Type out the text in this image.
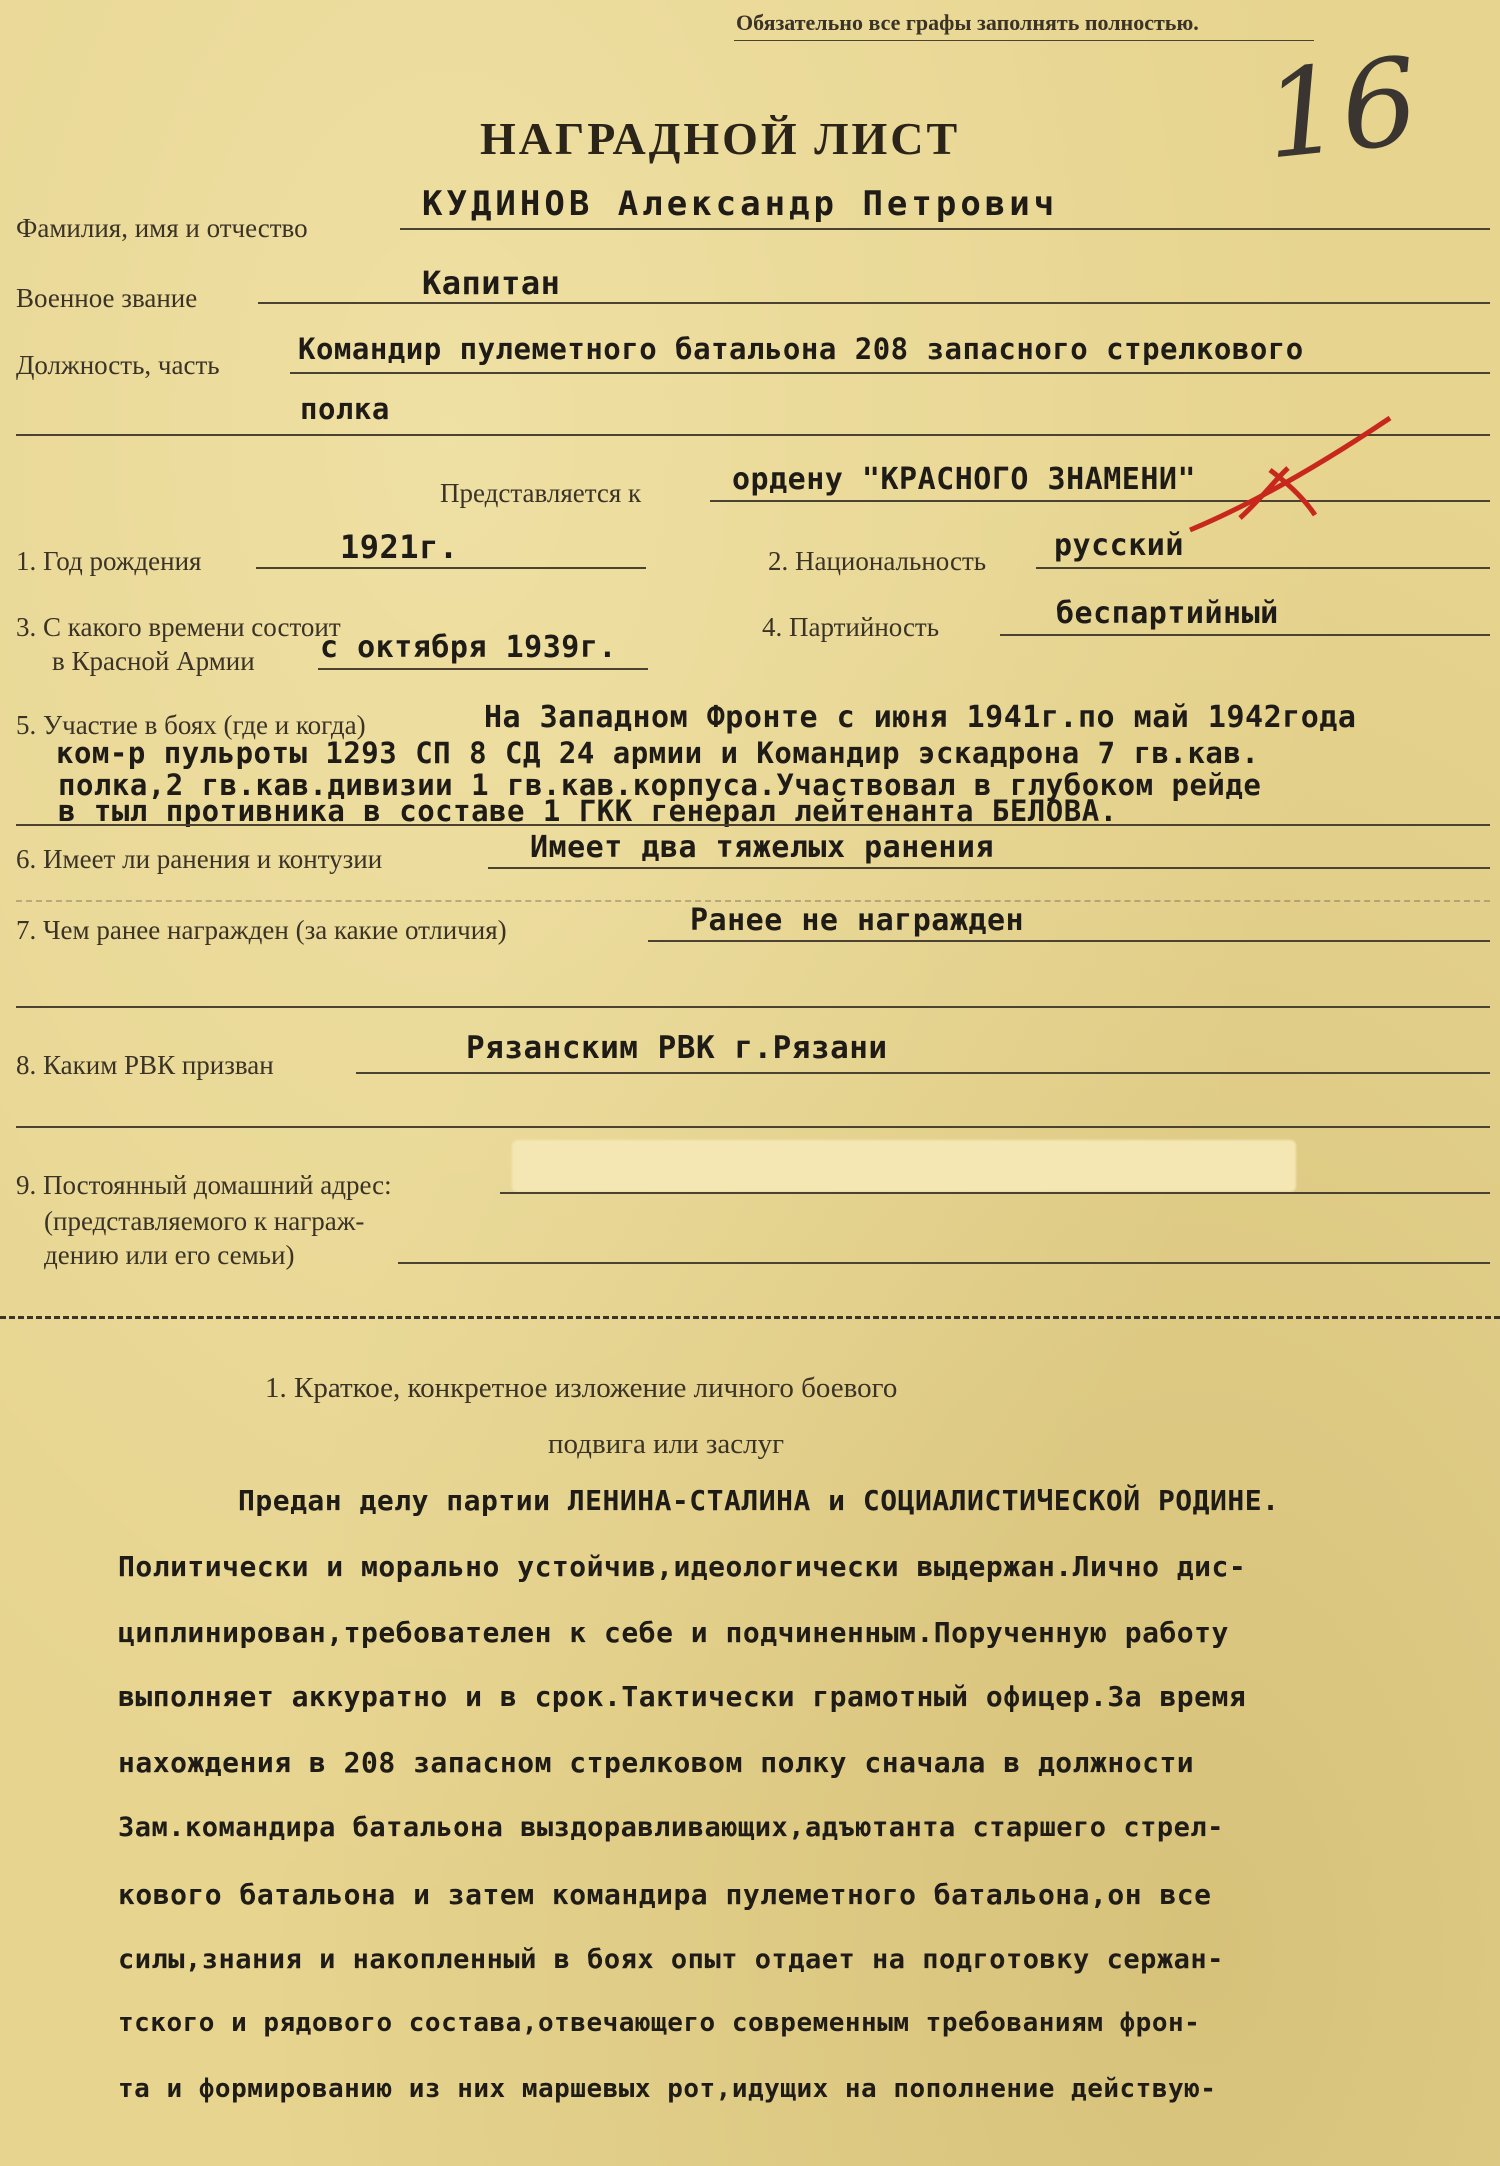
Обязательно все графы заполнять полностью.
16
НАГРАДНОЙ ЛИСТ
Фамилия, имя и отчество
КУДИНОВ Александр Петрович
Военное звание	Капитан
Должность, часть	Командир пулеметного батальона 208 запасного стрелкового
полка
Представляется к	ордену "КРАСНОГО ЗНАМЕНИ"
1. Год рождения	1921г.	2. Национальность русский
3. С какого времени состоит
в Красной Армии с октября 1939г.
4. Партийность	беспартийный
5. Участие в боях (где и когда)	На Западном Фронте с июня 1941г.по май 1942года
ком-р пульроты 1293 СП 8 СД 24 армии и Командир эскадрона 7 гв.кав.
полка,2 гв.кав.дивизии 1 гв.кав.корпуса.Участвовал в глубоком рейде
в тыл противника в составе 1 ГКК генерал лейтенанта БЕЛОВА.
6. Имеет ли ранения и контузии	Имеет два тяжелых ранения
7. Чем ранее награжден (за какие отличия)	Ранее не награжден
8. Каким РВК призван	Рязанским РВК г.Рязани
9. Постоянный домашний адрес:
(представляемого к награж-
дению или его семьи)
1. Краткое, конкретное изложение личного боевого
подвига или заслуг
Предан делу партии ЛЕНИНА-СТАЛИНА и СОЦИАЛИСТИЧЕСКОЙ РОДИНЕ.
Политически и морально устойчив,идеологически выдержан.Лично дис-
циплинирован,требователен к себе и подчиненным.Порученную работу
выполняет аккуратно и в срок.Тактически грамотный офицер.За время
нахождения в 208 запасном стрелковом полку сначала в должности
Зам.командира батальона выздоравливающих,адъютанта старшего стрел-
кового батальона и затем командира пулеметного батальона,он все
силы,знания и накопленный в боях опыт отдает на подготовку сержан-
тского и рядового состава,отвечающего современным требованиям фрон-
та и формированию из них маршевых рот,идущих на пополнение действую-
